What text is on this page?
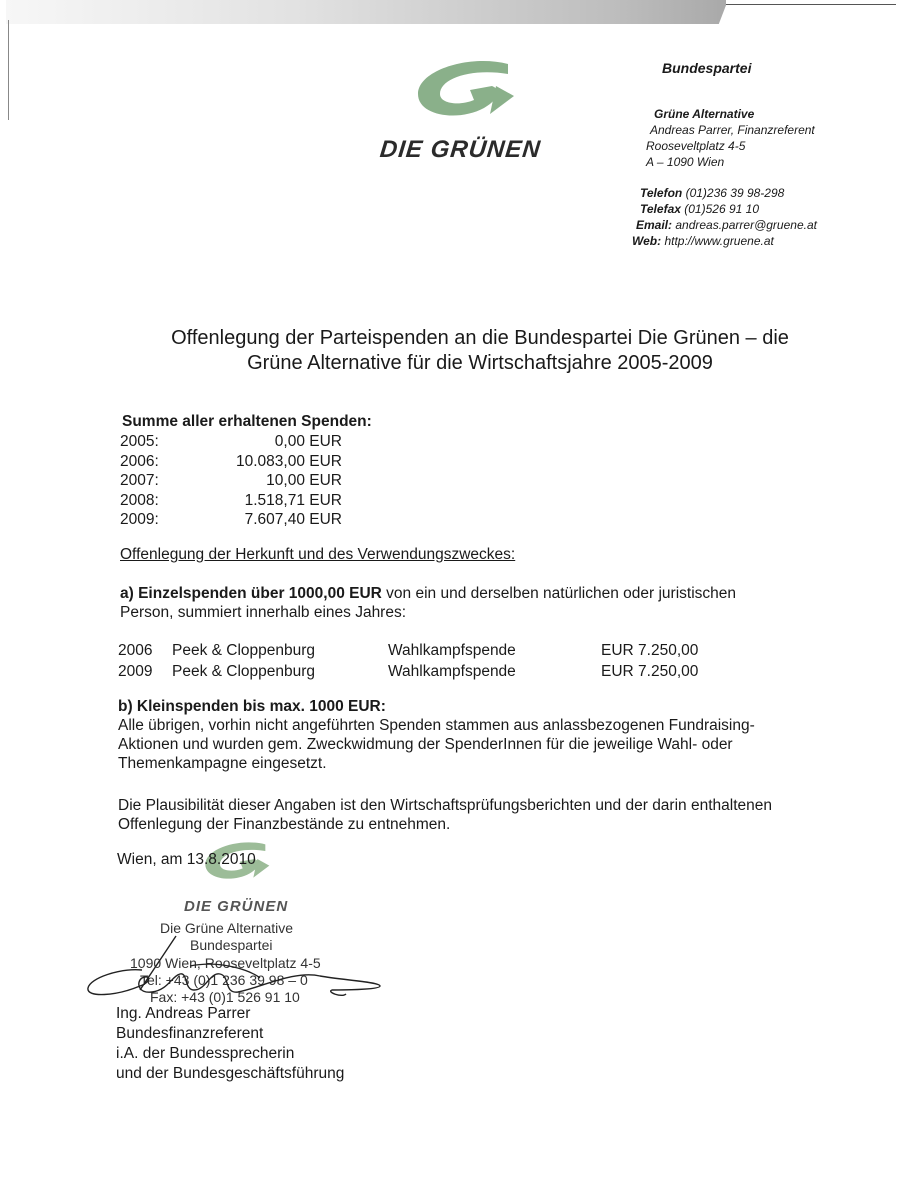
DIE GRÜNEN
Bundespartei
Grüne Alternative
Andreas Parrer, Finanzreferent
Rooseveltplatz 4-5
A – 1090 Wien
Telefon (01)236 39 98-298
Telefax (01)526 91 10
Email: andreas.parrer@gruene.at
Web: http://www.gruene.at
Offenlegung der Parteispenden an die Bundespartei Die Grünen – die
Grüne Alternative für die Wirtschaftsjahre 2005-2009
Summe aller erhaltenen Spenden:
2005:	0,00 EUR
2006:	10.083,00 EUR
2007:	10,00 EUR
2008:	1.518,71 EUR
2009:	7.607,40 EUR
Offenlegung der Herkunft und des Verwendungszweckes:
a) Einzelspenden über 1000,00 EUR von ein und derselben natürlichen oder juristischen
Person, summiert innerhalb eines Jahres:
2006	Peek & Cloppenburg	Wahlkampfspende	EUR 7.250,00
2009	Peek & Cloppenburg	Wahlkampfspende	EUR 7.250,00
b) Kleinspenden bis max. 1000 EUR:
Alle übrigen, vorhin nicht angeführten Spenden stammen aus anlassbezogenen Fundraising-
Aktionen und wurden gem. Zweckwidmung der SpenderInnen für die jeweilige Wahl- oder
Themenkampagne eingesetzt.
Die Plausibilität dieser Angaben ist den Wirtschaftsprüfungsberichten und der darin enthaltenen
Offenlegung der Finanzbestände zu entnehmen.
Wien, am 13.8.2010
DIE GRÜNEN
Die Grüne Alternative
Bundespartei
1090 Wien, Rooseveltplatz 4-5
Tel: +43 (0)1 236 39 98 – 0
Fax: +43 (0)1 526 91 10
Ing. Andreas Parrer
Bundesfinanzreferent
i.A. der Bundessprecherin
und der Bundesgeschäftsführung
